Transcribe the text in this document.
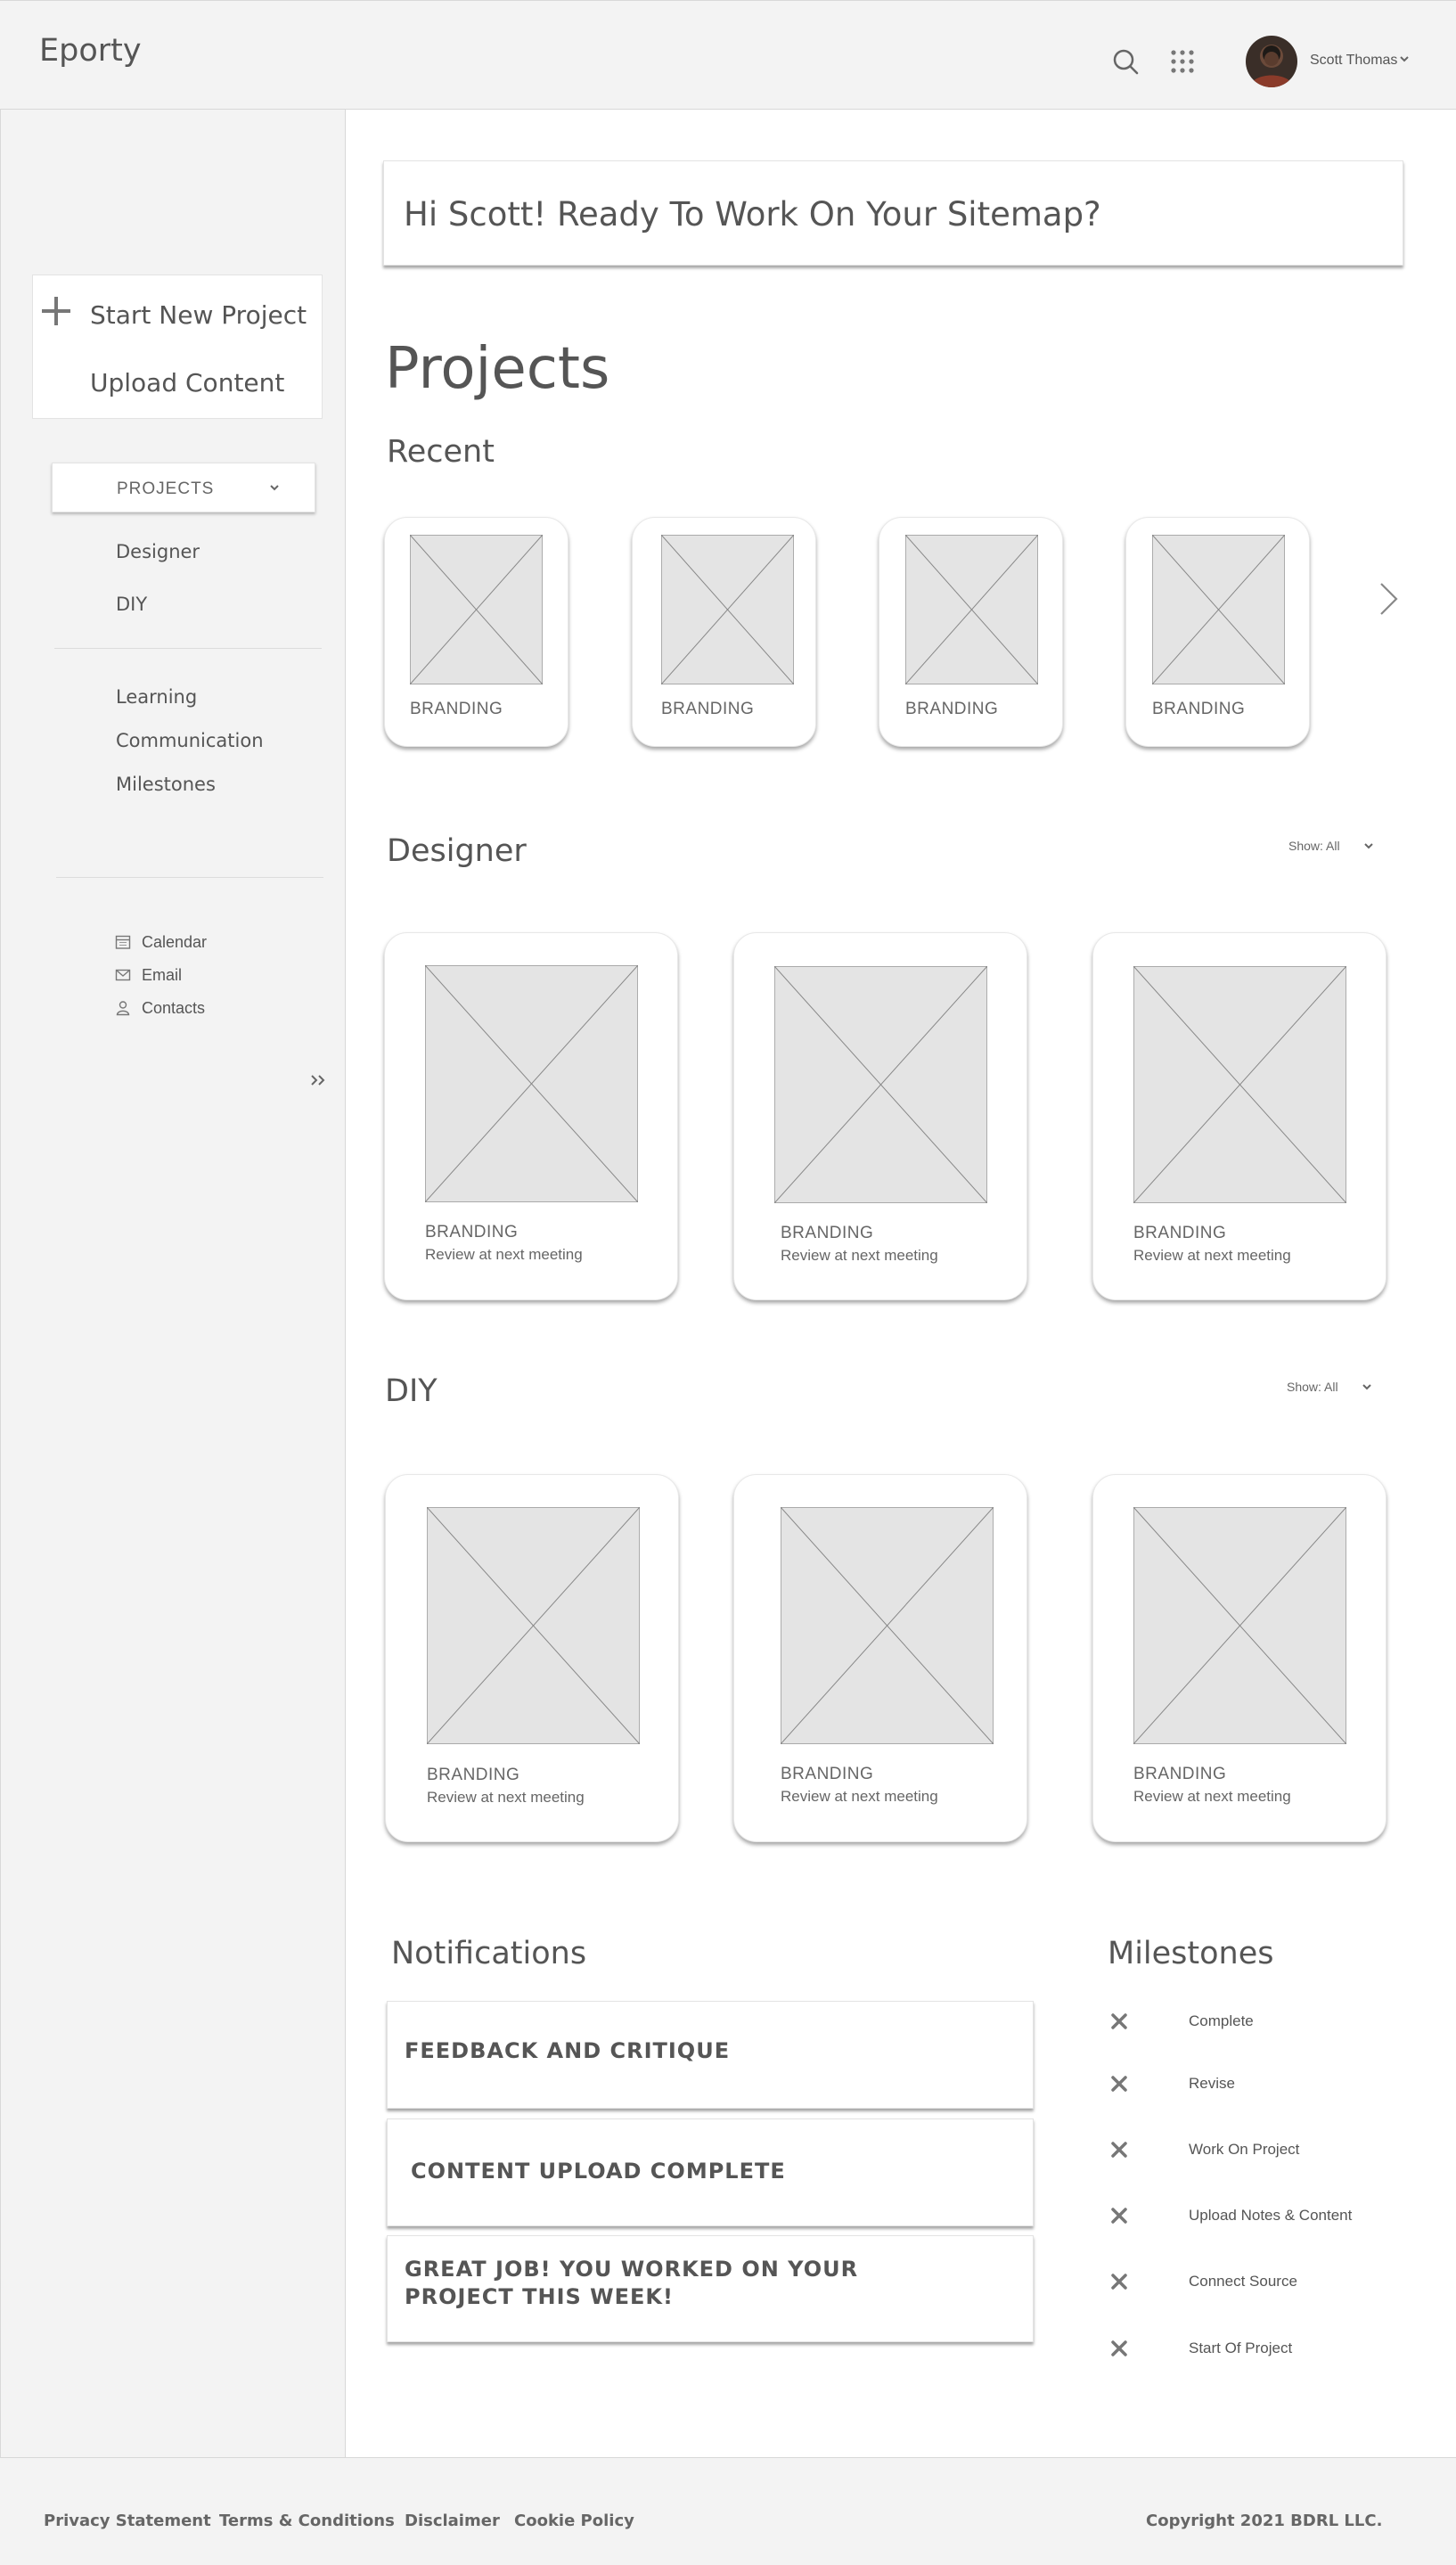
Eporty	Scott Thomas
Start New Project
Upload Content
PROJECTS
Designer
DIY
Learning
Communication
Milestones
Calendar
Email
Contacts
Hi Scott! Ready To Work On Your Sitemap?
Projects
Recent
BRANDING	BRANDING	BRANDING	BRANDING
Designer	Show: All
BRANDING
Review at next meeting
BRANDING
Review at next meeting
BRANDING
Review at next meeting
DIY	Show: All
BRANDING
Review at next meeting
BRANDING
Review at next meeting
BRANDING
Review at next meeting
Notifications
FEEDBACK AND CRITIQUE
CONTENT UPLOAD COMPLETE
GREAT JOB! YOU WORKED ON YOUR PROJECT THIS WEEK!
Milestones
Complete
Revise
Work On Project
Upload Notes & Content
Connect Source
Start Of Project
Privacy Statement Terms & Conditions Disclaimer Cookie Policy	Copyright 2021 BDRL LLC.
